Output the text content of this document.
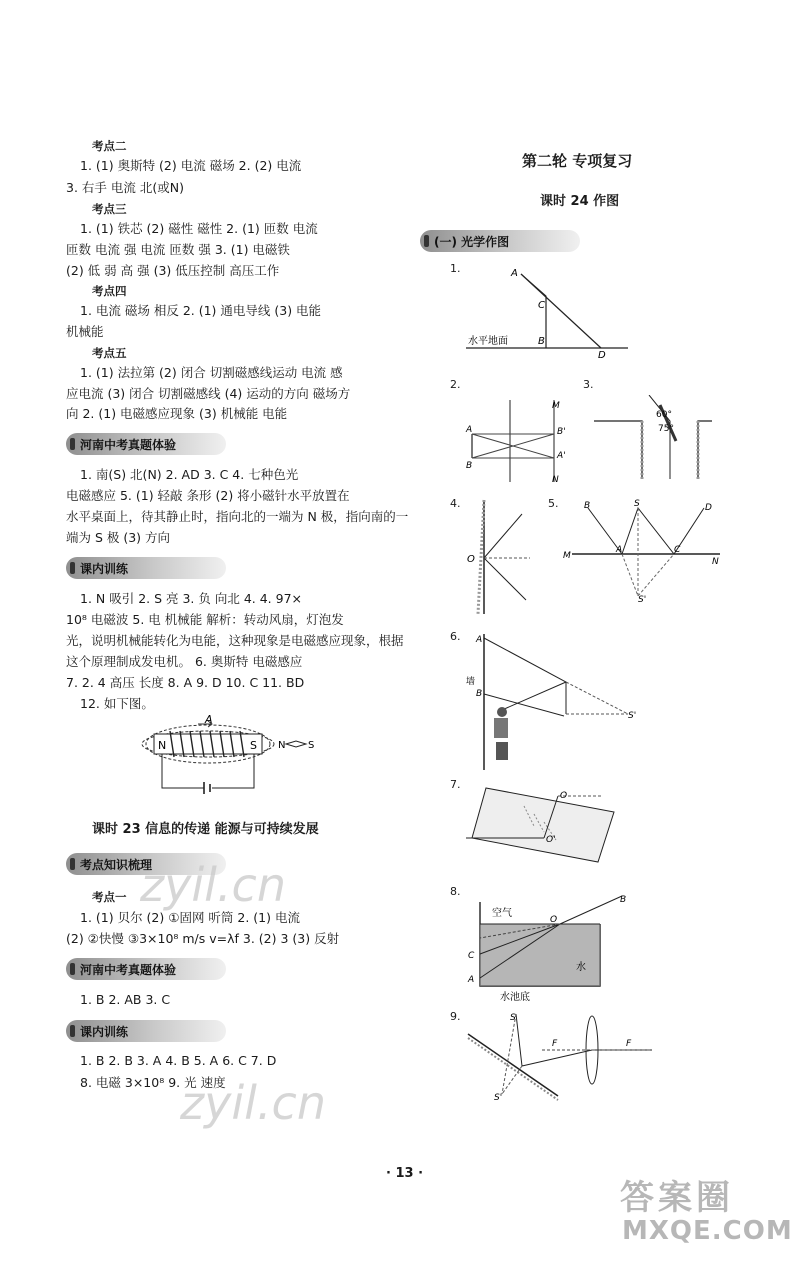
考点二
1. (1) 奥斯特 (2) 电流 磁场 2. (2) 电流
3. 右手 电流 北(或N)
考点三
1. (1) 铁芯 (2) 磁性 磁性 2. (1) 匝数 电流
匝数 电流 强 电流 匝数 强 3. (1) 电磁铁
(2) 低 弱 高 强 (3) 低压控制 高压工作
考点四
1. 电流 磁场 相反 2. (1) 通电导线 (3) 电能
机械能
考点五
1. (1) 法拉第 (2) 闭合 切割磁感线运动 电流 感
应电流 (3) 闭合 切割磁感线 (4) 运动的方向 磁场方
向 2. (1) 电磁感应现象 (3) 机械能 电能
河南中考真题体验
1. 南(S) 北(N) 2. AD 3. C 4. 七种色光
电磁感应 5. (1) 轻敲 条形 (2) 将小磁针水平放置在
水平桌面上，待其静止时，指向北的一端为 N 极，指向南的一
端为 S 极 (3) 方向
课内训练
1. N 吸引 2. S 亮 3. 负 向北 4. 4. 97×
10⁸ 电磁波 5. 电 机械能 解析：转动风扇，灯泡发
光，说明机械能转化为电能，这种现象是电磁感应现象，根据
这个原理制成发电机。 6. 奥斯特 电磁感应
7. 2. 4 高压 长度 8. A 9. D 10. C 11. BD
12. 如下图。
A
N	S N S
课时 23 信息的传递 能源与可持续发展
考点知识梳理
考点一
1. (1) 贝尔 (2) ①固网 听筒 2. (1) 电流
(2) ②快慢 ③3×10⁸ m/s v=λf 3. (2) 3 (3) 反射
河南中考真题体验
1. B 2. AB 3. C
课内训练
1. B 2. B 3. A 4. B 5. A 6. C 7. D
8. 电磁 3×10⁸ 9. 光 速度
第二轮 专项复习
课时 24 作图
(一) 光学作图
1.	A
C
B
D
水平地面
2.
M
N
A
B
A'
B'
3.
60°
75°
4.
O
5.	B	S	D
M
N
A	C
S'
6. A
墙
B
S'
7.
O
O'
8.
空气
O
B
C
A
水
水池底
9.	S
F	F
S'
· 13 ·
zyil.cn
zyil.cn
答案圈
MXQE.COM
